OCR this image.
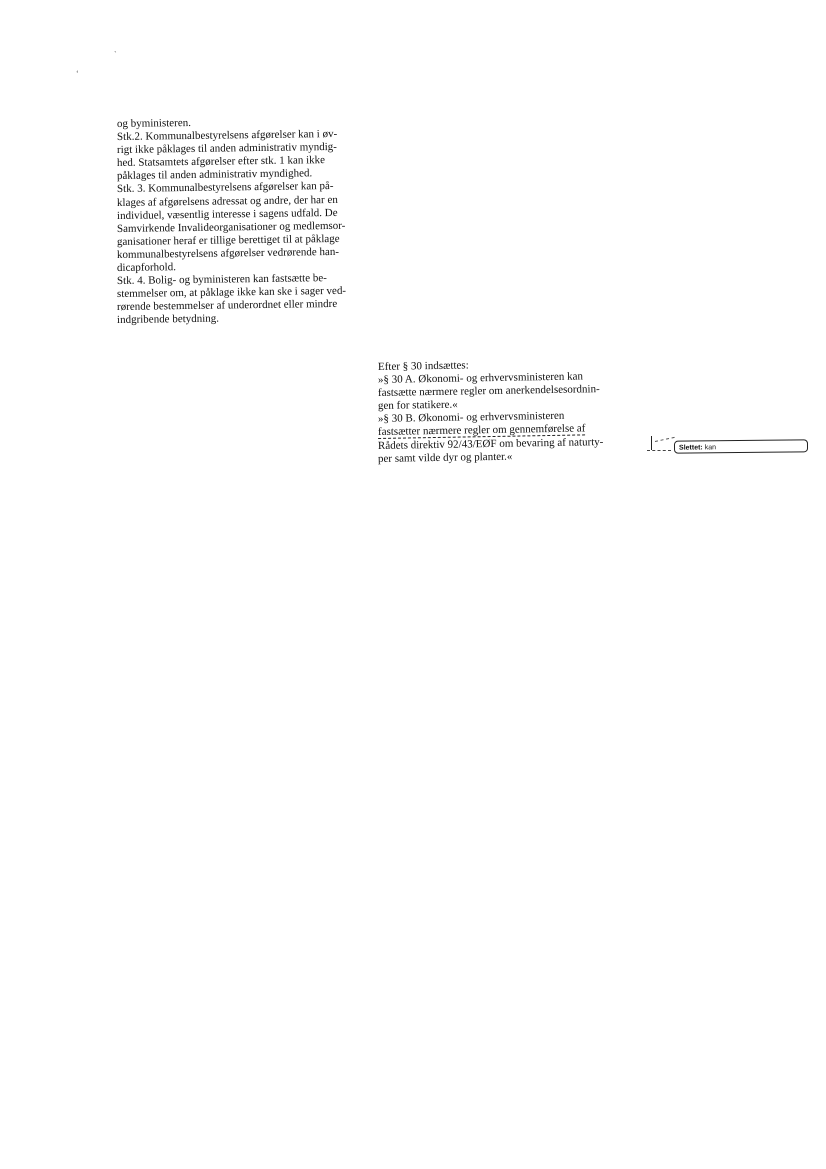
`
‘
og byministeren.
Stk.2. Kommunalbestyrelsens afgørelser kan i øv-
rigt ikke påklages til anden administrativ myndig-
hed. Statsamtets afgørelser efter stk. 1 kan ikke
påklages til anden administrativ myndighed.
Stk. 3. Kommunalbestyrelsens afgørelser kan på-
klages af afgørelsens adressat og andre, der har en
individuel, væsentlig interesse i sagens udfald. De
Samvirkende Invalideorganisationer og medlemsor-
ganisationer heraf er tillige berettiget til at påklage
kommunalbestyrelsens afgørelser vedrørende han-
dicapforhold.
Stk. 4. Bolig- og byministeren kan fastsætte be-
stemmelser om, at påklage ikke kan ske i sager ved-
rørende bestemmelser af underordnet eller mindre
indgribende betydning.
Efter § 30 indsættes:
»§ 30 A. Økonomi- og erhvervsministeren kan
fastsætte nærmere regler om anerkendelsesordnin-
gen for statikere.«
»§ 30 B. Økonomi- og erhvervsministeren
fastsætter nærmere regler om gennemførelse af
Rådets direktiv 92/43/EØF om bevaring af naturty-
per samt vilde dyr og planter.«
Slettet: kan
